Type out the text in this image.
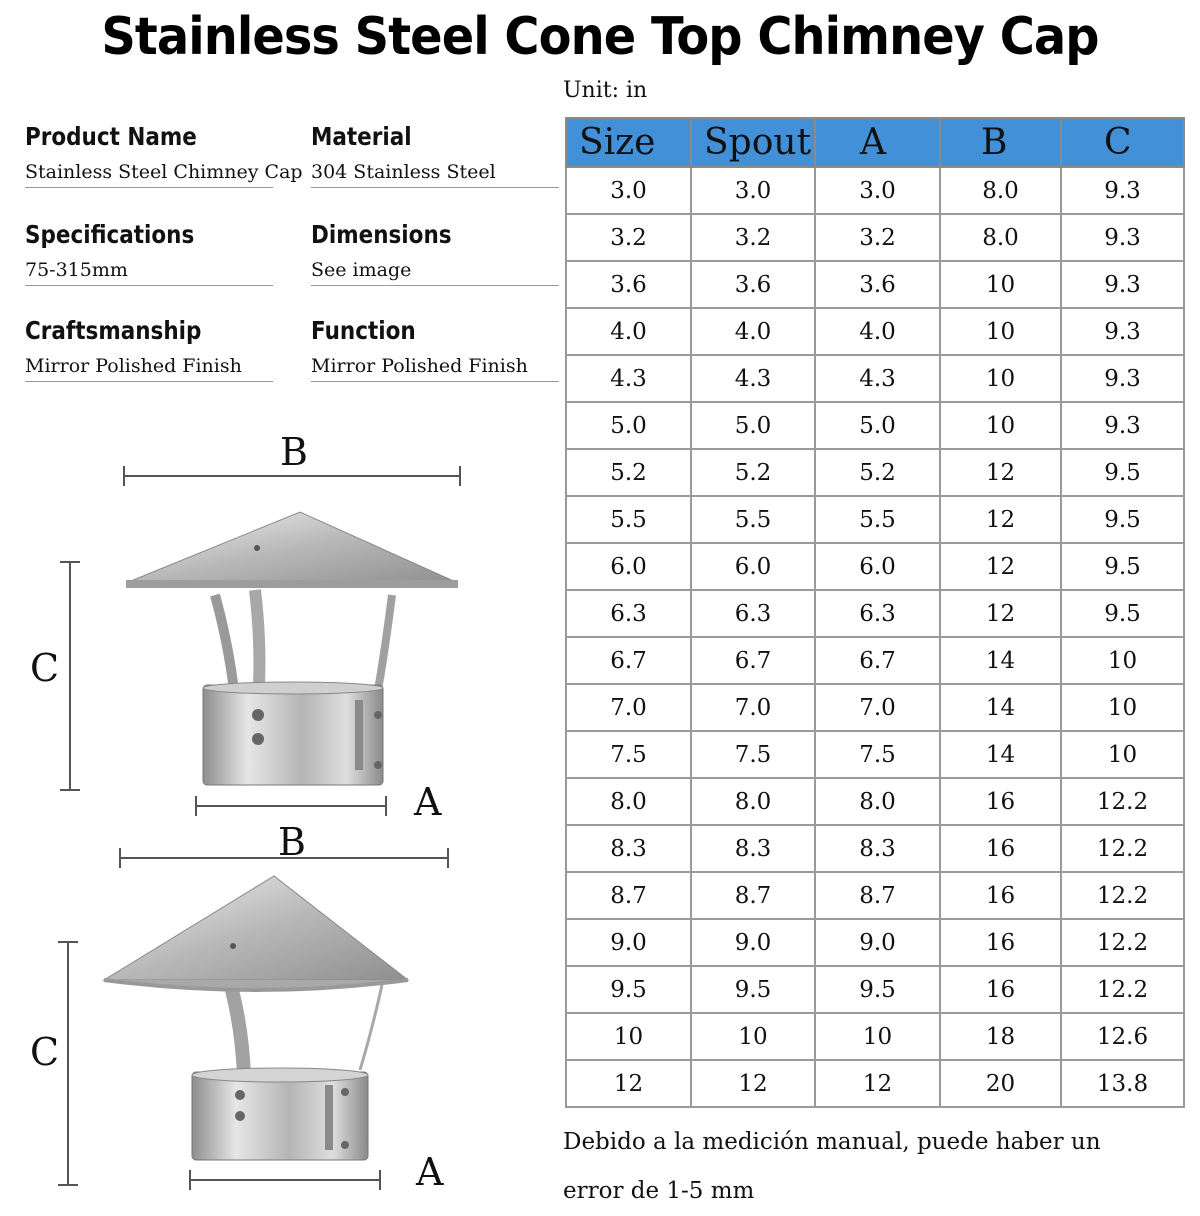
Stainless Steel Cone Top Chimney Cap
Unit: in
Product Name
Stainless Steel Chimney Cap
Material
304 Stainless Steel
Specifications
75-315mm
Dimensions
See image
Craftsmanship
Mirror Polished Finish
Function
Mirror Polished Finish
Size	Spout	A	B	C
3.0	3.0	3.0	8.0	9.3
3.2	3.2	3.2	8.0	9.3
3.6	3.6	3.6	10	9.3
4.0	4.0	4.0	10	9.3
4.3	4.3	4.3	10	9.3
5.0	5.0	5.0	10	9.3
5.2	5.2	5.2	12	9.5
5.5	5.5	5.5	12	9.5
6.0	6.0	6.0	12	9.5
6.3	6.3	6.3	12	9.5
6.7	6.7	6.7	14	10
7.0	7.0	7.0	14	10
7.5	7.5	7.5	14	10
8.0	8.0	8.0	16	12.2
8.3	8.3	8.3	16	12.2
8.7	8.7	8.7	16	12.2
9.0	9.0	9.0	16	12.2
9.5	9.5	9.5	16	12.2
10	10	10	18	12.6
12	12	12	20	13.8
Debido a la medición manual, puede haber un error de 1-5 mm
B
C
A
B
C
A
